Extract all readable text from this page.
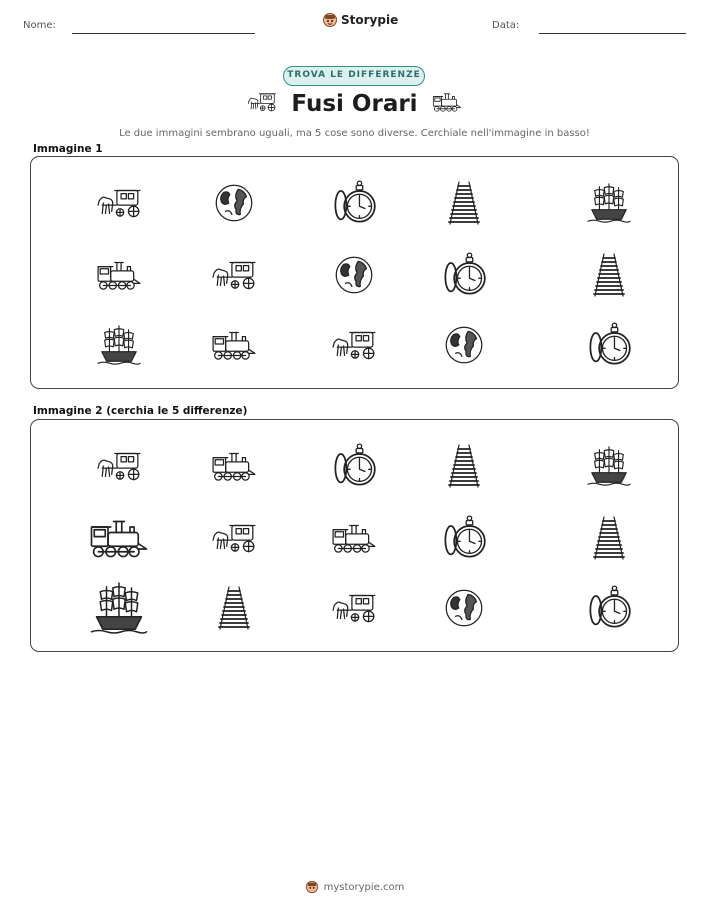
Nome:	Storypie	Data:
TROVA LE DIFFERENZE
Fusi Orari
Le due immagini sembrano uguali, ma 5 cose sono diverse. Cerchiale nell'immagine in basso!
Immagine 1
Immagine 2 (cerchia le 5 differenze)
mystorypie.com
